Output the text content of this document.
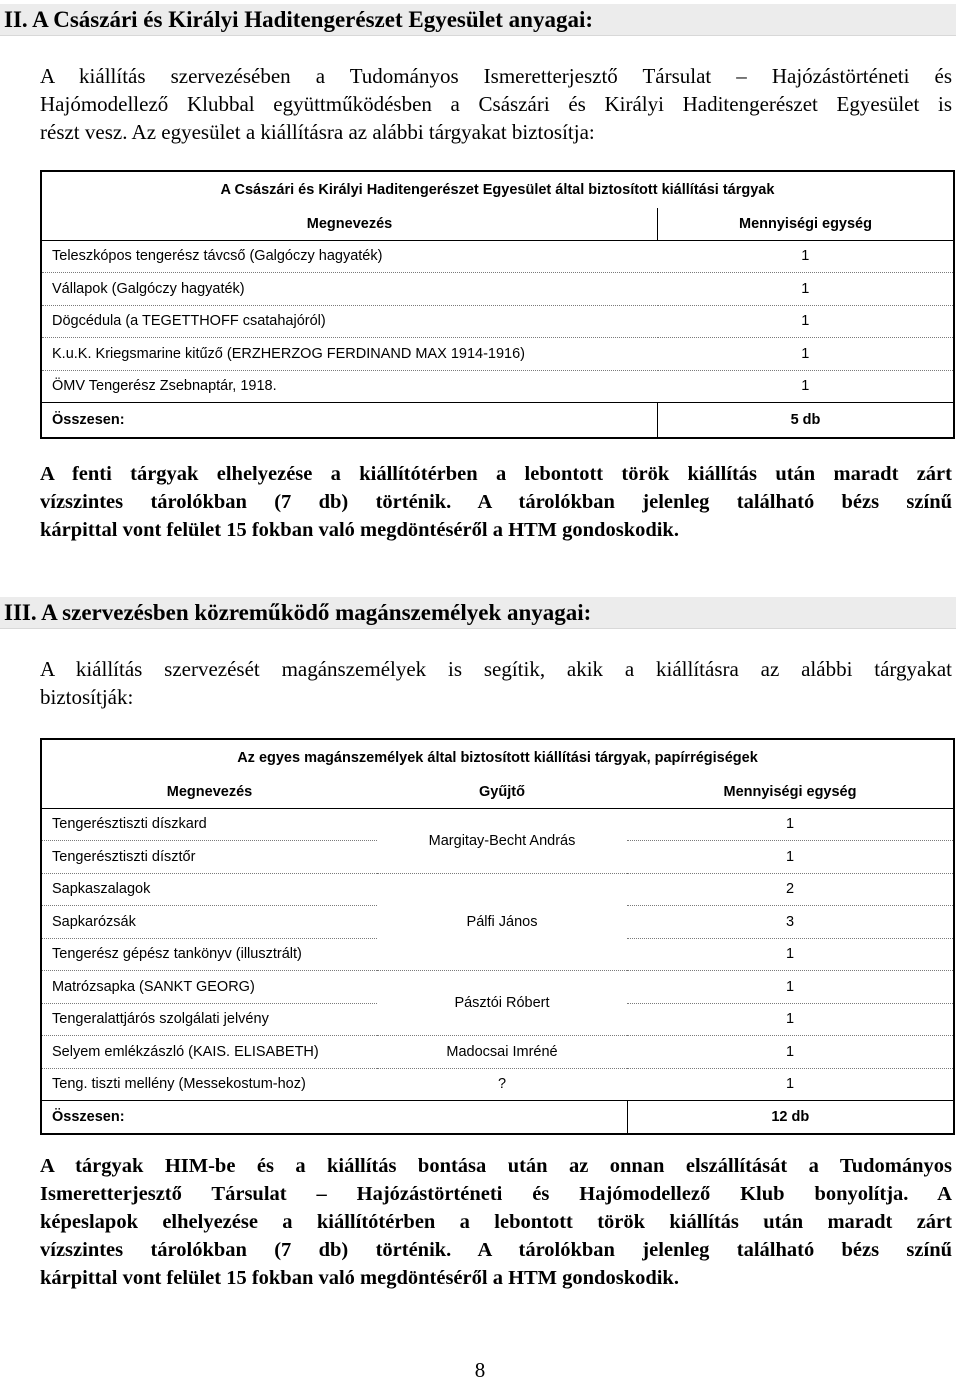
II. A Császári és Királyi Haditengerészet Egyesület anyagai:
A kiállítás szervezésében a Tudományos Ismeretterjesztő Társulat – Hajózástörténeti és
Hajómodellező Klubbal együttműködésben a Császári és Királyi Haditengerészet Egyesület is
részt vesz. Az egyesület a kiállításra az alábbi tárgyakat biztosítja:
A Császári és Királyi Haditengerészet Egyesület által biztosított kiállítási tárgyak	
Megnevezés	Mennyiségi egység
Teleszkópos tengerész távcső (Galgóczy hagyaték)	1
Vállapok (Galgóczy hagyaték)	1
Dögcédula (a TEGETTHOFF csatahajóról)	1
K.u.K. Kriegsmarine kitűző (ERZHERZOG FERDINAND MAX 1914-1916)	1
ÖMV Tengerész Zsebnaptár, 1918.	1
Összesen:	5 db
A fenti tárgyak elhelyezése a kiállítótérben a lebontott török kiállítás után maradt zárt
vízszintes tárolókban (7 db) történik. A tárolókban jelenleg található bézs színű
kárpittal vont felület 15 fokban való megdöntéséről a HTM gondoskodik.
III. A szervezésben közreműködő magánszemélyek anyagai:
A kiállítás szervezését magánszemélyek is segítik, akik a kiállításra az alábbi tárgyakat
biztosítják:
Az egyes magánszemélyek által biztosított kiállítási tárgyak, papírrégiségek		
Megnevezés	Gyűjtő	Mennyiségi egység
Tengerésztiszti díszkard	Margitay-Becht András	1
Tengerésztiszti dísztőr		1
Sapkaszalagok	Pálfi János	2
Sapkarózsák		3
Tengerész gépész tankönyv (illusztrált)		1
Matrózsapka (SANKT GEORG)	Pásztói Róbert	1
Tengeralattjárós szolgálati jelvény		1
Selyem emlékzászló (KAIS. ELISABETH)	Madocsai Imréné	1
Teng. tiszti mellény (Messekostum-hoz)	?	1
Összesen:		12 db
A tárgyak HIM-be és a kiállítás bontása után az onnan elszállítását a Tudományos
Ismeretterjesztő Társulat – Hajózástörténeti és Hajómodellező Klub bonyolítja. A
képeslapok elhelyezése a kiállítótérben a lebontott török kiállítás után maradt zárt
vízszintes tárolókban (7 db) történik. A tárolókban jelenleg található bézs színű
kárpittal vont felület 15 fokban való megdöntéséről a HTM gondoskodik.
8
